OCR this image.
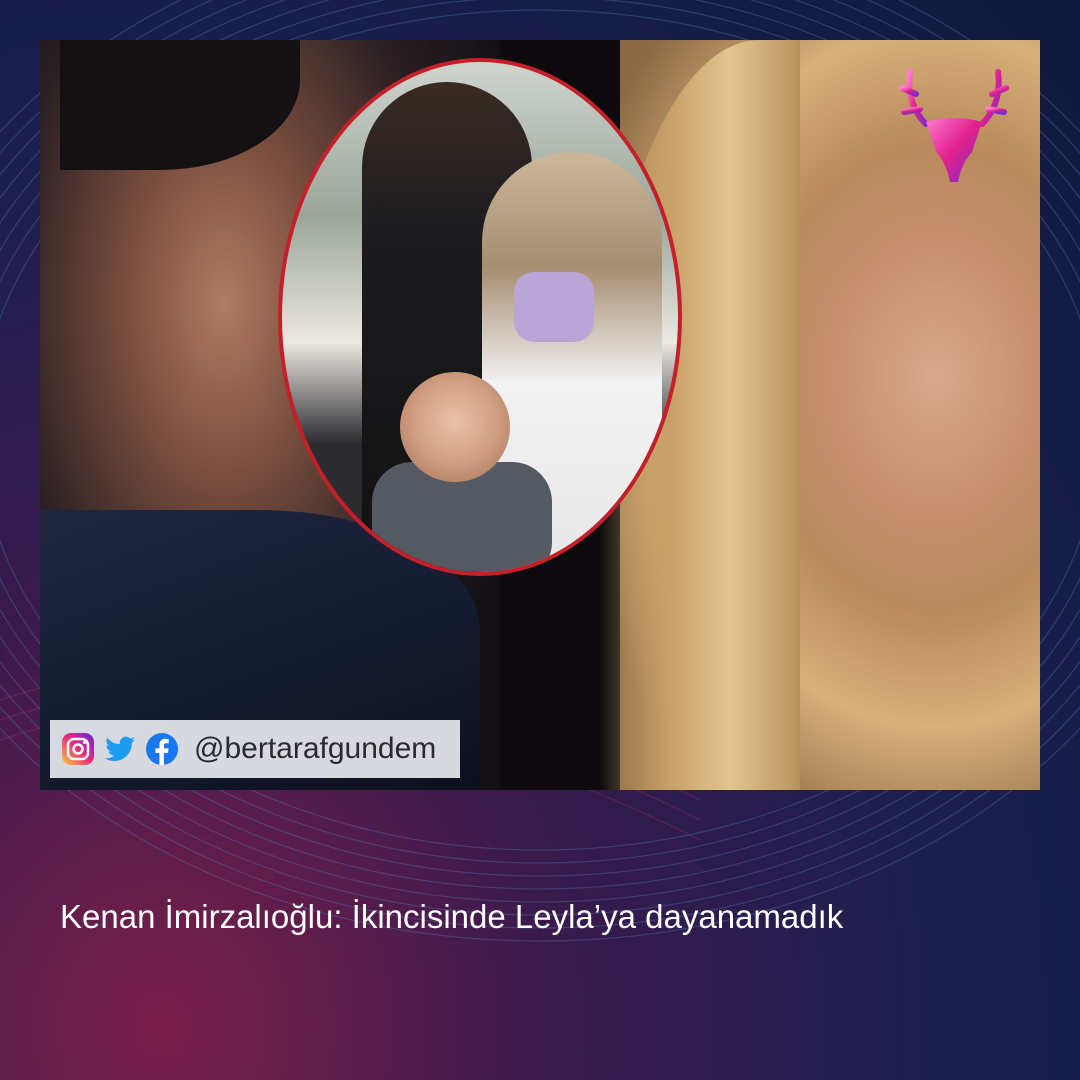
@bertarafgundem
Kenan İmirzalıoğlu: İkincisinde Leyla’ya dayanamadık
